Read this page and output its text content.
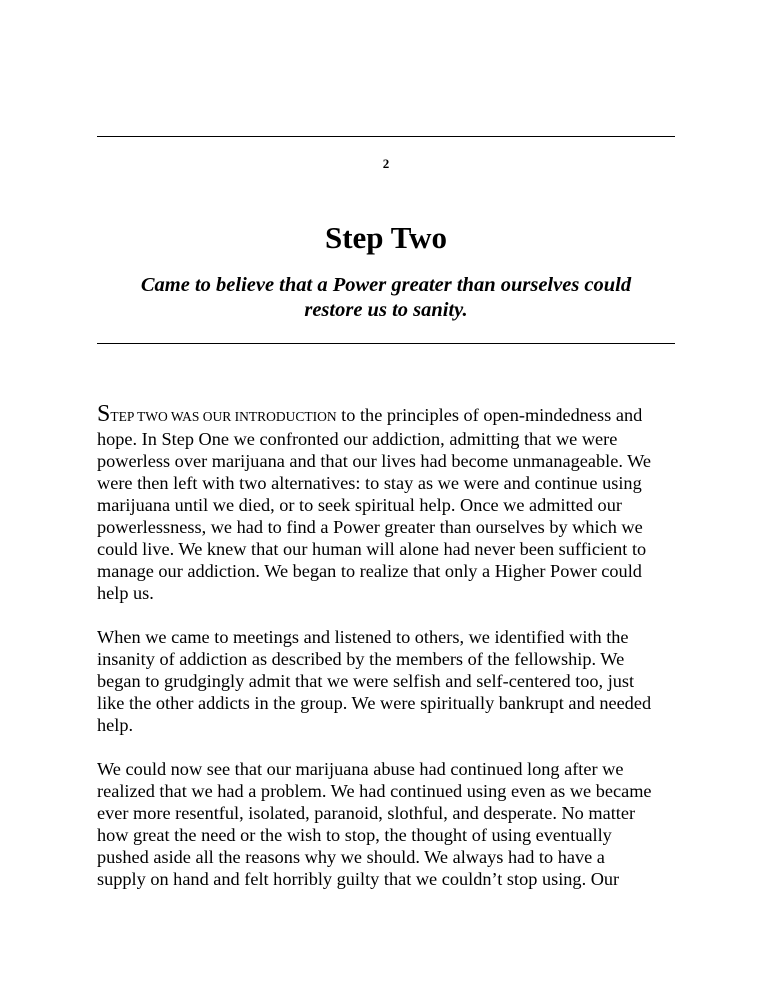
2
Step Two

Came to believe that a Power greater than ourselves could
restore us to sanity.

STEP TWO WAS OUR INTRODUCTION to the principles of open-mindedness and
hope. In Step One we confronted our addiction, admitting that we were
powerless over marijuana and that our lives had become unmanageable. We
were then left with two alternatives: to stay as we were and continue using
marijuana until we died, or to seek spiritual help. Once we admitted our
powerlessness, we had to find a Power greater than ourselves by which we
could live. We knew that our human will alone had never been sufficient to
manage our addiction. We began to realize that only a Higher Power could
help us.

When we came to meetings and listened to others, we identified with the
insanity of addiction as described by the members of the fellowship. We
began to grudgingly admit that we were selfish and self-centered too, just
like the other addicts in the group. We were spiritually bankrupt and needed
help.

We could now see that our marijuana abuse had continued long after we
realized that we had a problem. We had continued using even as we became
ever more resentful, isolated, paranoid, slothful, and desperate. No matter
how great the need or the wish to stop, the thought of using eventually
pushed aside all the reasons why we should. We always had to have a
supply on hand and felt horribly guilty that we couldn’t stop using. Our
